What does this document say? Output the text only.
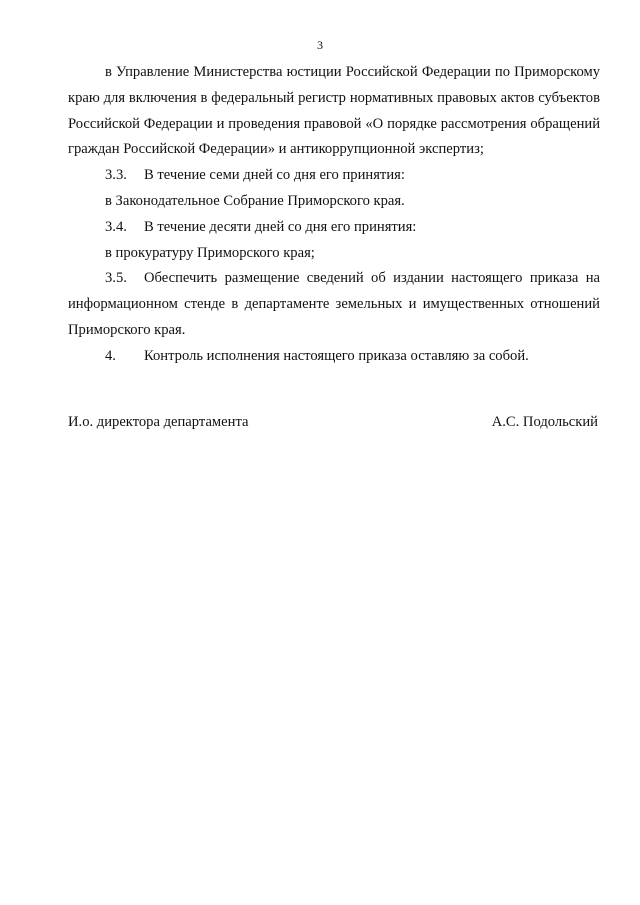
3

в Управление Министерства юстиции Российской Федерации по Приморскому краю для включения в федеральный регистр нормативных правовых актов субъектов Российской Федерации и проведения правовой «О порядке рассмотрения обращений граждан Российской Федерации» и антикоррупционной экспертиз;

3.3. В течение семи дней со дня его принятия:

в Законодательное Собрание Приморского края.

3.4. В течение десяти дней со дня его принятия:

в прокуратуру Приморского края;

3.5. Обеспечить размещение сведений об издании настоящего приказа на информационном стенде в департаменте земельных и имущественных отношений Приморского края.

4. Контроль исполнения настоящего приказа оставляю за собой.

И.о. директора департамента	А.С. Подольский
